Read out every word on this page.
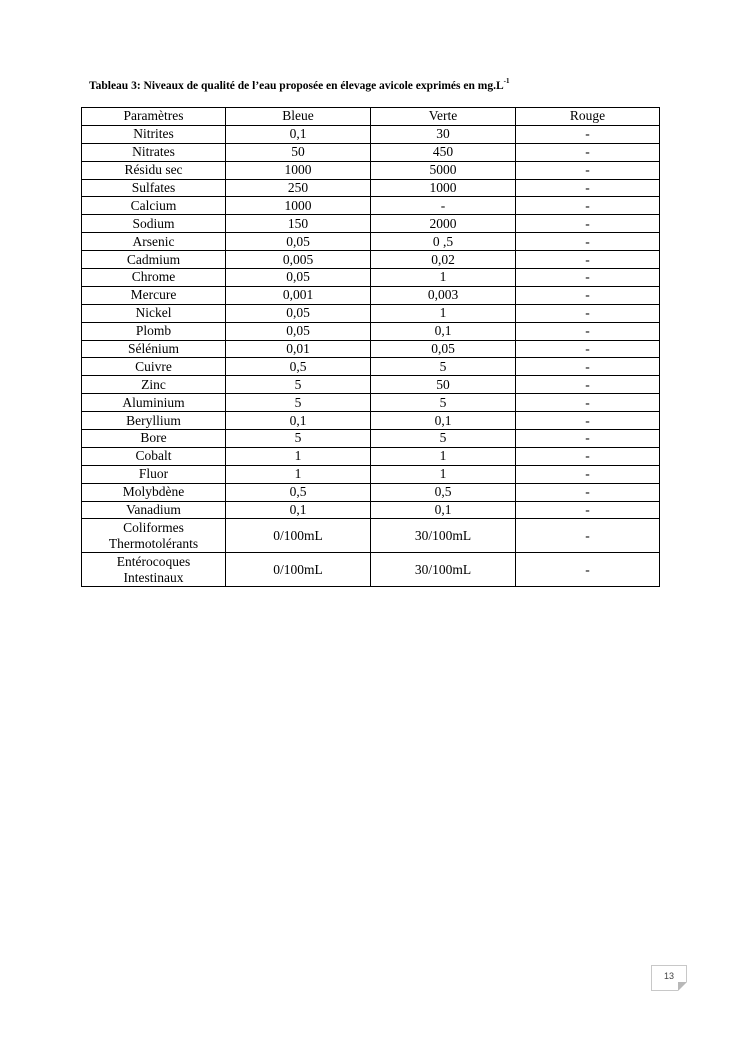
Tableau 3: Niveaux de qualité de l’eau proposée en élevage avicole exprimés en $mg.L^{-1}$
Paramètres	Bleue	Verte	Rouge
Nitrites	0,1	30	-
Nitrates	50	450	-
Résidu sec	1000	5000	-
Sulfates	250	1000	-
Calcium	1000	-	-
Sodium	150	2000	-
Arsenic	0,05	0 ,5	-
Cadmium	0,005	0,02	-
Chrome	0,05	1	-
Mercure	0,001	0,003	-
Nickel	0,05	1	-
Plomb	0,05	0,1	-
Sélénium	0,01	0,05	-
Cuivre	0,5	5	-
Zinc	5	50	-
Aluminium	5	5	-
Beryllium	0,1	0,1	-
Bore	5	5	-
Cobalt	1	1	-
Fluor	1	1	-
Molybdène	0,5	0,5	-
Vanadium	0,1	0,1	-

Coliformes
Thermotolérants	0/100mL	30/100mL	-

Entérocoques
Intestinaux	0/100mL	30/100mL	-
13
